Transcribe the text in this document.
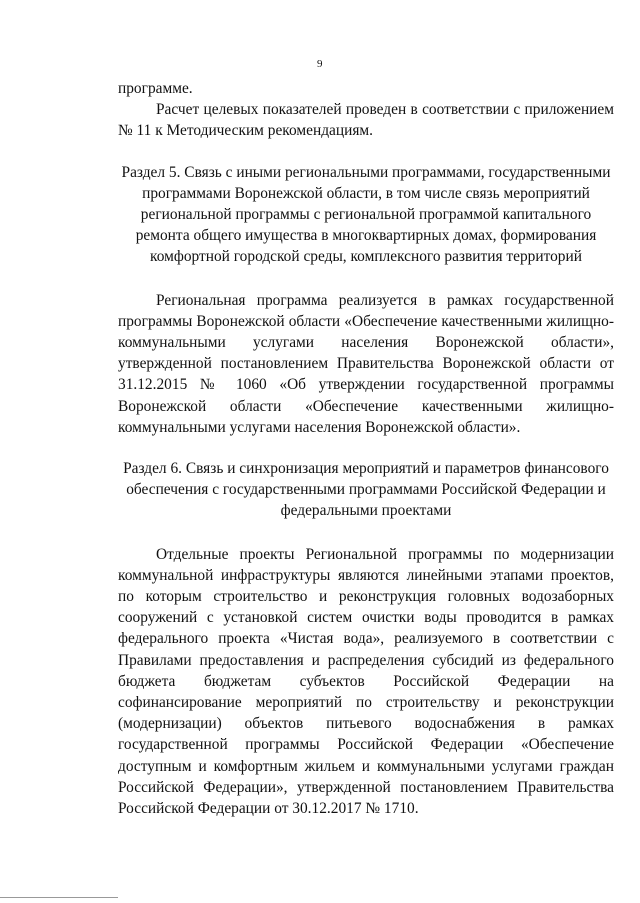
9

программе.

Расчет целевых показателей проведен в соответствии с приложением № 11 к Методическим рекомендациям.

Раздел 5. Связь с иными региональными программами, государственными программами Воронежской области, в том числе связь мероприятий региональной программы с региональной программой капитального ремонта общего имущества в многоквартирных домах, формирования комфортной городской среды, комплексного развития территорий

Региональная программа реализуется в рамках государственной программы Воронежской области «Обеспечение качественными жилищно-коммунальными услугами населения Воронежской области», утвержденной постановлением Правительства Воронежской области от 31.12.2015 № 1060 «Об утверждении государственной программы Воронежской области «Обеспечение качественными жилищно-коммунальными услугами населения Воронежской области».

Раздел 6. Связь и синхронизация мероприятий и параметров финансового обеспечения с государственными программами Российской Федерации и федеральными проектами

Отдельные проекты Региональной программы по модернизации коммунальной инфраструктуры являются линейными этапами проектов, по которым строительство и реконструкция головных водозаборных сооружений с установкой систем очистки воды проводится в рамках федерального проекта «Чистая вода», реализуемого в соответствии с Правилами предоставления и распределения субсидий из федерального бюджета бюджетам субъектов Российской Федерации на софинансирование мероприятий по строительству и реконструкции (модернизации) объектов питьевого водоснабжения в рамках государственной программы Российской Федерации «Обеспечение доступным и комфортным жильем и коммунальными услугами граждан Российской Федерации», утвержденной постановлением Правительства Российской Федерации от 30.12.2017 № 1710.
